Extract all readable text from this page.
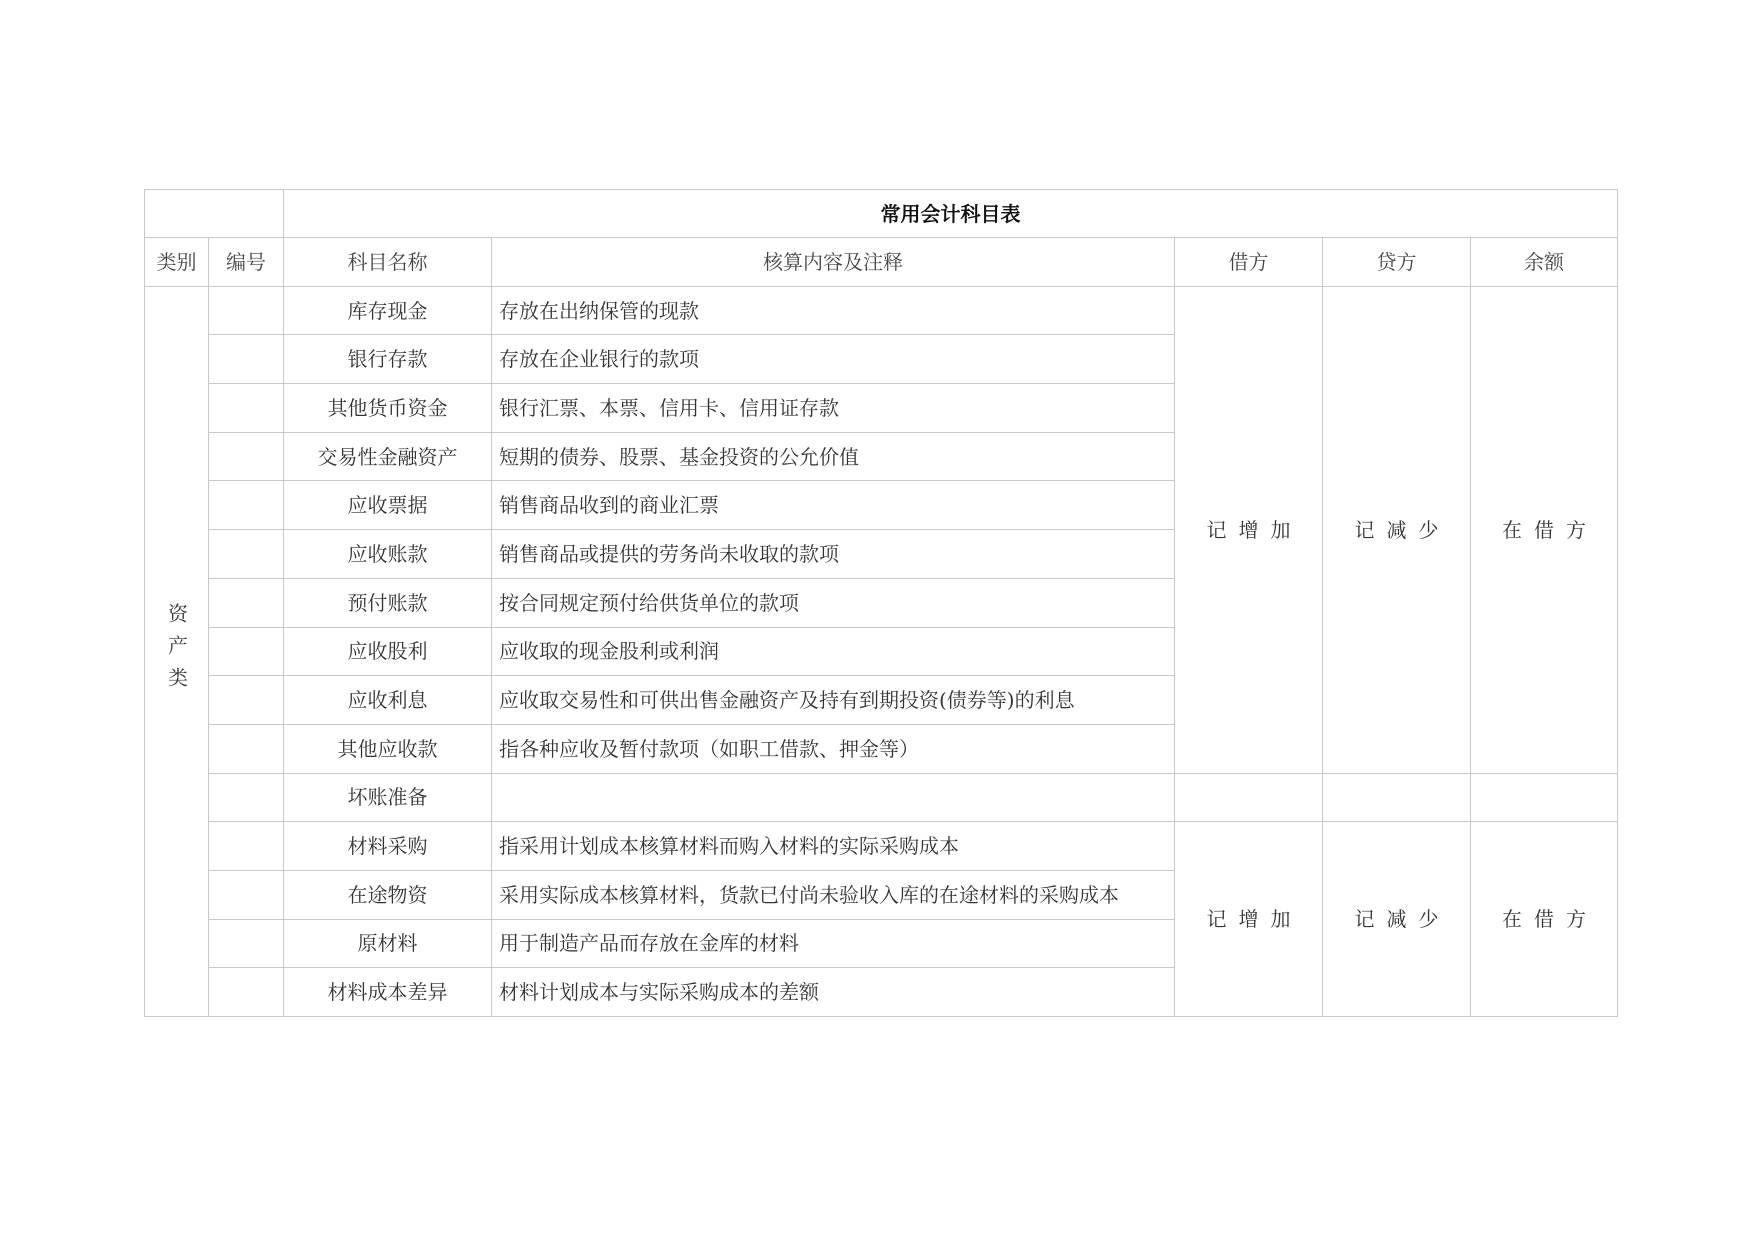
		常用会计科目表				
类别	编号	科目名称	核算内容及注释	借方	贷方	余额
资产类		库存现金	存放在出纳保管的现款	记增加	记减少	在借方
		银行存款	存放在企业银行的款项			
		其他货币资金	银行汇票、本票、信用卡、信用证存款			
		交易性金融资产	短期的债券、股票、基金投资的公允价值			
		应收票据	销售商品收到的商业汇票			
		应收账款	销售商品或提供的劳务尚未收取的款项			
		预付账款	按合同规定预付给供货单位的款项			
		应收股利	应收取的现金股利或利润			
		应收利息	应收取交易性和可供出售金融资产及持有到期投资(债券等)的利息			
		其他应收款	指各种应收及暂付款项（如职工借款、押金等）			
		坏账准备				
		材料采购	指采用计划成本核算材料而购入材料的实际采购成本	记增加	记减少	在借方
		在途物资	采用实际成本核算材料，货款已付尚未验收入库的在途材料的采购成本			
		原材料	用于制造产品而存放在金库的材料			
		材料成本差异	材料计划成本与实际采购成本的差额			
